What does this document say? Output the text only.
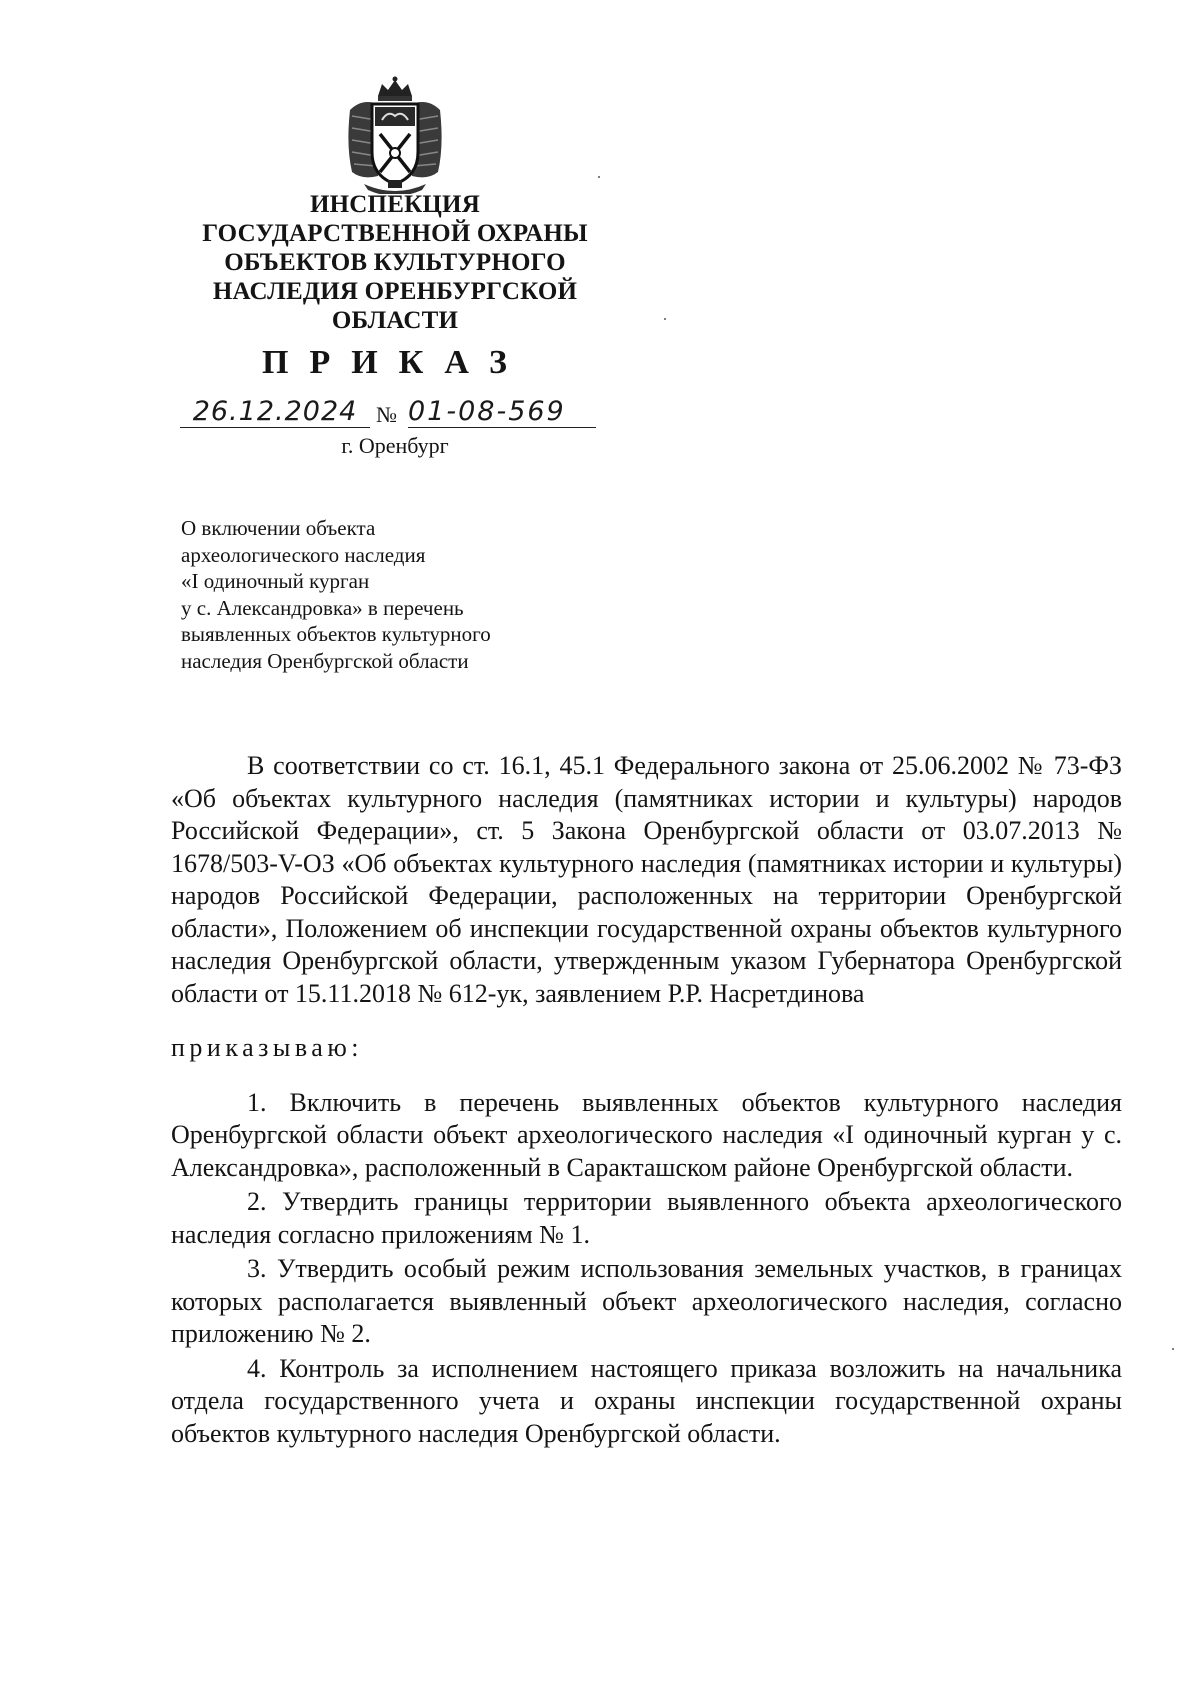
ИНСПЕКЦИЯ
ГОСУДАРСТВЕННОЙ ОХРАНЫ
ОБЪЕКТОВ КУЛЬТУРНОГО
НАСЛЕДИЯ ОРЕНБУРГСКОЙ
ОБЛАСТИ
ПРИКАЗ
26.12.2024 № 01-08-569
г. Оренбург
О включении объекта
археологического наследия
«I одиночный курган
у с. Александровка» в перечень
выявленных объектов культурного
наследия Оренбургской области

В соответствии со ст. 16.1, 45.1 Федерального закона от 25.06.2002 № 73-ФЗ «Об объектах культурного наследия (памятниках истории и культуры) народов Российской Федерации», ст. 5 Закона Оренбургской области от 03.07.2013 № 1678/503-V-ОЗ «Об объектах культурного наследия (памятниках истории и культуры) народов Российской Федерации, расположенных на территории Оренбургской области», Положением об инспекции государственной охраны объектов культурного наследия Оренбургской области, утвержденным указом Губернатора Оренбургской области от 15.11.2018 № 612-ук, заявлением Р.Р. Насретдинова

приказываю:

1. Включить в перечень выявленных объектов культурного наследия Оренбургской области объект археологического наследия «I одиночный курган у с. Александровка», расположенный в Саракташском районе Оренбургской области.

2. Утвердить границы территории выявленного объекта археологического наследия согласно приложениям № 1.

3. Утвердить особый режим использования земельных участков, в границах которых располагается выявленный объект археологического наследия, согласно приложению № 2.

4. Контроль за исполнением настоящего приказа возложить на начальника отдела государственного учета и охраны инспекции государственной охраны объектов культурного наследия Оренбургской области.
